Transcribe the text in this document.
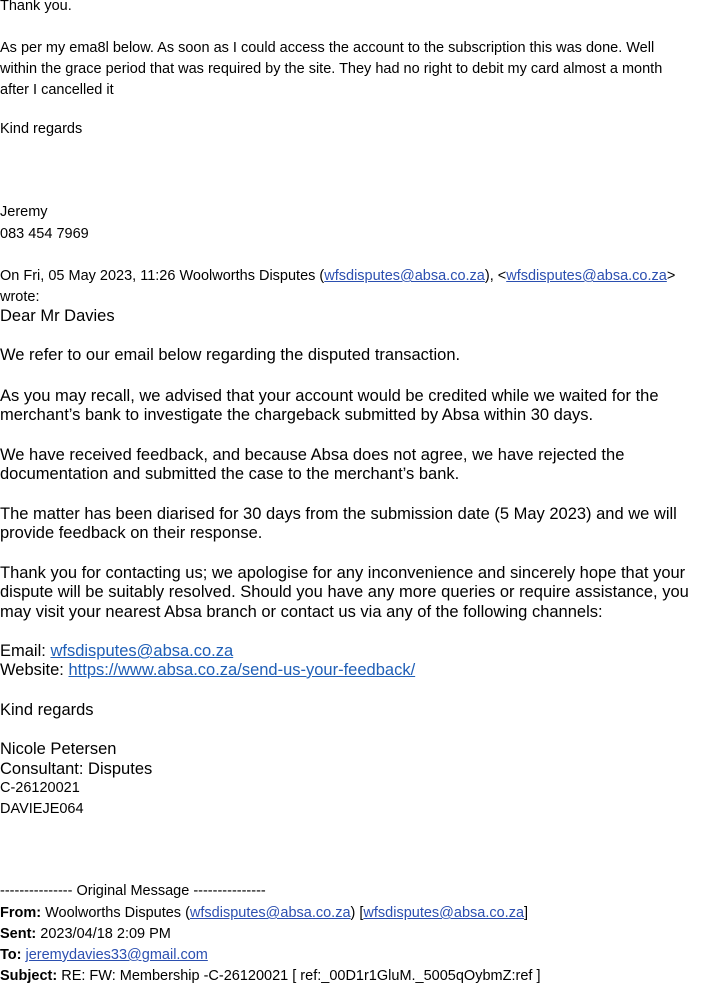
Thank you.
As per my ema8l below. As soon as I could access the account to the subscription this was done. Well
within the grace period that was required by the site. They had no right to debit my card almost a month
after I cancelled it
Kind regards
Jeremy
083 454 7969
On Fri, 05 May 2023, 11:26 Woolworths Disputes (wfsdisputes@absa.co.za), <wfsdisputes@absa.co.za>
wrote:
Dear Mr Davies
We refer to our email below regarding the disputed transaction.
As you may recall, we advised that your account would be credited while we waited for the
merchant’s bank to investigate the chargeback submitted by Absa within 30 days.
We have received feedback, and because Absa does not agree, we have rejected the
documentation and submitted the case to the merchant’s bank.
The matter has been diarised for 30 days from the submission date (5 May 2023) and we will
provide feedback on their response.
Thank you for contacting us; we apologise for any inconvenience and sincerely hope that your
dispute will be suitably resolved. Should you have any more queries or require assistance, you
may visit your nearest Absa branch or contact us via any of the following channels:
Email: wfsdisputes@absa.co.za
Website: https://www.absa.co.za/send-us-your-feedback/
Kind regards
Nicole Petersen
Consultant: Disputes
C-26120021
DAVIEJE064
--------------- Original Message ---------------
From: Woolworths Disputes (wfsdisputes@absa.co.za) [wfsdisputes@absa.co.za]
Sent: 2023/04/18 2:09 PM
To: jeremydavies33@gmail.com
Subject: RE: FW: Membership -C-26120021 [ ref:_00D1r1GluM._5005qOybmZ:ref ]
